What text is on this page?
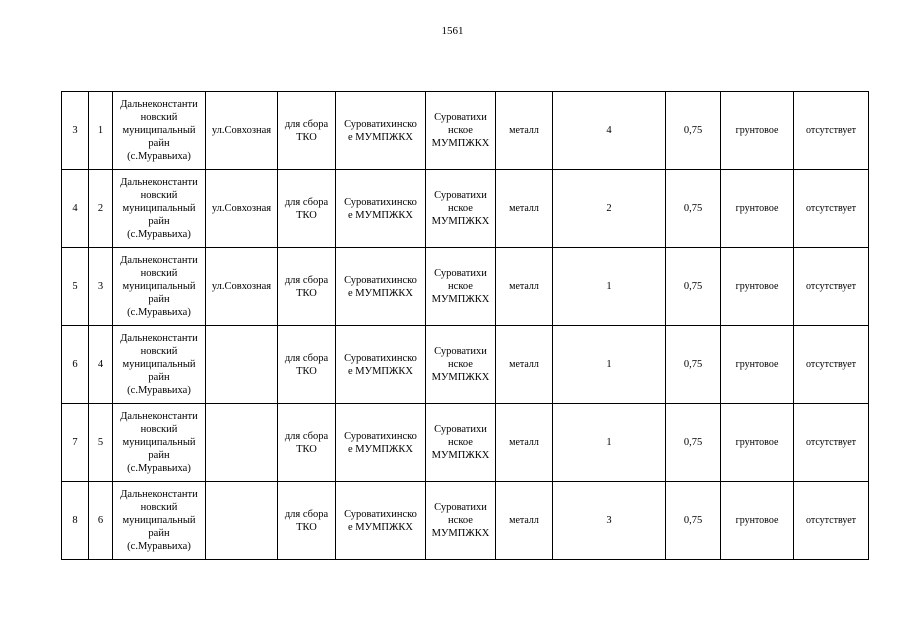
1561
3	1	Дальнеконстанти
новский
муниципальный
райн
(с.Муравьиха)	ул.Совхозная	для сбора
ТКО	Суроватихинско
е МУМПЖКХ	Суроватихи
нское
МУМПЖКХ	металл	4	0,75	грунтовое	отсутствует
4	2	Дальнеконстанти
новский
муниципальный
райн
(с.Муравьиха)	ул.Совхозная	для сбора
ТКО	Суроватихинско
е МУМПЖКХ	Суроватихи
нское
МУМПЖКХ	металл	2	0,75	грунтовое	отсутствует
5	3	Дальнеконстанти
новский
муниципальный
райн
(с.Муравьиха)	ул.Совхозная	для сбора
ТКО	Суроватихинско
е МУМПЖКХ	Суроватихи
нское
МУМПЖКХ	металл	1	0,75	грунтовое	отсутствует
6	4	Дальнеконстанти
новский
муниципальный
райн
(с.Муравьиха)		для сбора
ТКО	Суроватихинско
е МУМПЖКХ	Суроватихи
нское
МУМПЖКХ	металл	1	0,75	грунтовое	отсутствует
7	5	Дальнеконстанти
новский
муниципальный
райн
(с.Муравьиха)		для сбора
ТКО	Суроватихинско
е МУМПЖКХ	Суроватихи
нское
МУМПЖКХ	металл	1	0,75	грунтовое	отсутствует
8	6	Дальнеконстанти
новский
муниципальный
райн
(с.Муравьиха)		для сбора
ТКО	Суроватихинско
е МУМПЖКХ	Суроватихи
нское
МУМПЖКХ	металл	3	0,75	грунтовое	отсутствует
